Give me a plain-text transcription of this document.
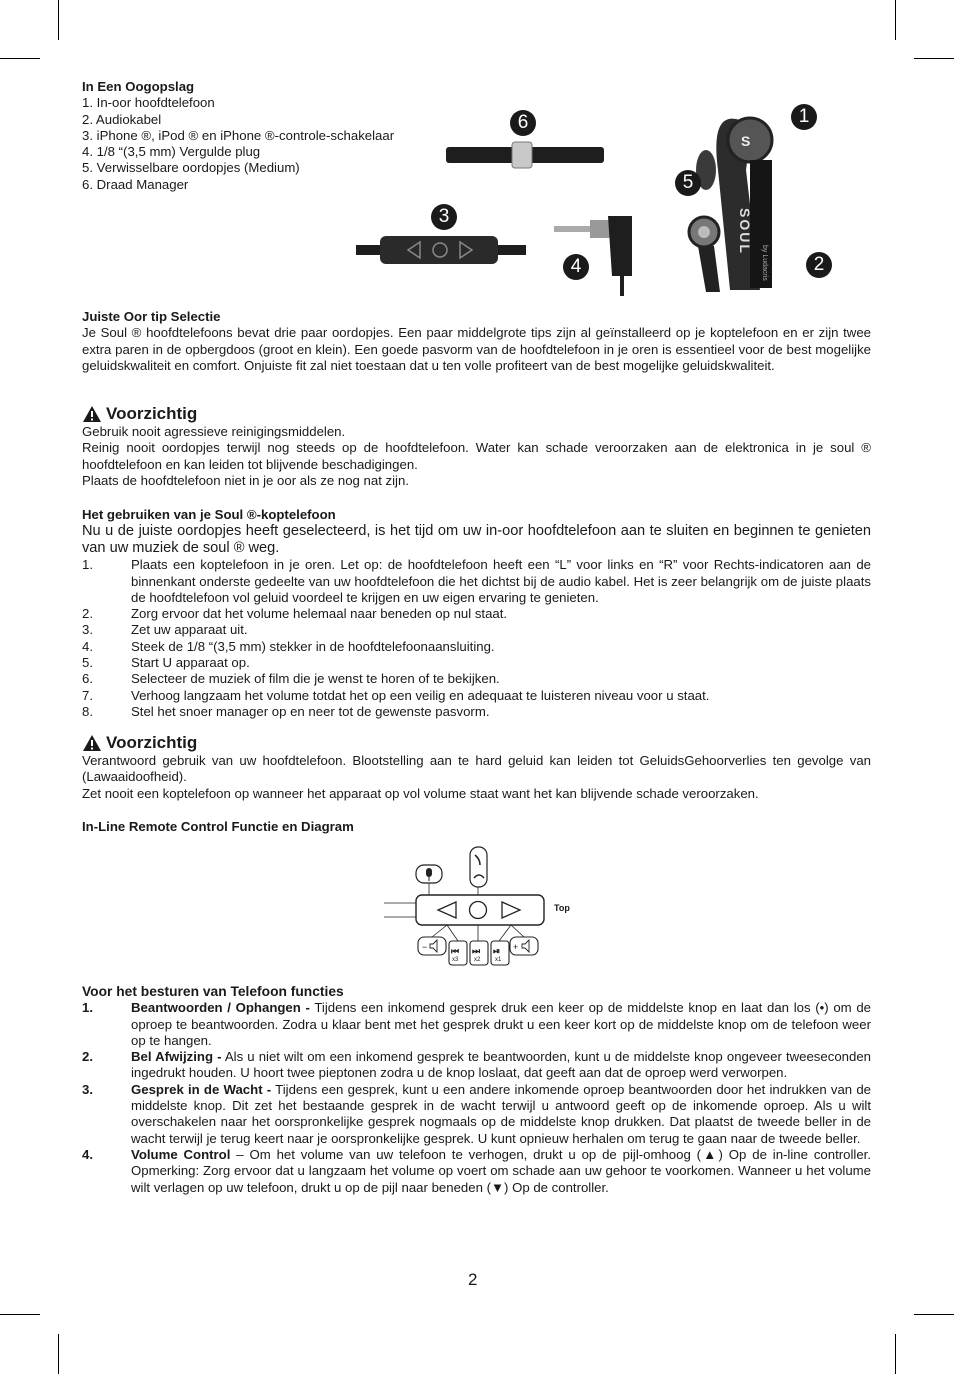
In Een Oogopslag
1. In-oor hoofdtelefoon
2. Audiokabel
3. iPhone ®, iPod ® en iPhone ®-controle-schakelaar
4. 1/8 “(3,5 mm) Vergulde plug
5. Verwisselbare oordopjes (Medium)
6. Draad Manager
S
SOUL
by Ludacris
1
2
3
4
5
6
Juiste Oor tip Selectie
Je Soul ® hoofdtelefoons bevat drie paar oordopjes. Een paar middelgrote tips zijn al geïnstalleerd op je koptelefoon en er zijn twee extra paren in de opbergdoos (groot en klein). Een goede pasvorm van de hoofdtelefoon in je oren is essentieel voor de best mogelijke geluidskwaliteit en comfort. Onjuiste fit zal niet toestaan dat u ten volle profiteert van de best mogelijke geluidskwaliteit.
Voorzichtig
Gebruik nooit agressieve reinigingsmiddelen.
Reinig nooit oordopjes terwijl nog steeds op de hoofdtelefoon. Water kan schade veroorzaken aan de elektronica in je soul ® hoofdtelefoon en kan leiden tot blijvende beschadigingen.
Plaats de hoofdtelefoon niet in je oor als ze nog nat zijn.
Het gebruiken van je Soul ®-koptelefoon
Nu u de juiste oordopjes heeft geselecteerd, is het tijd om uw in-oor hoofdtelefoon aan te sluiten en beginnen te genieten van uw muziek de soul ® weg.
1.	Plaats een koptelefoon in je oren. Let op: de hoofdtelefoon heeft een “L” voor links en “R” voor Rechts-indicatoren aan de binnenkant onderste gedeelte van uw hoofdtelefoon die het dichtst bij de audio kabel. Het is zeer belangrijk om de juiste plaats de hoofdtelefoon vol geluid voordeel te krijgen en uw eigen ervaring te genieten.
2.	Zorg ervoor dat het volume helemaal naar beneden op nul staat.
3.	Zet uw apparaat uit.
4.	Steek de 1/8 “(3,5 mm) stekker in de hoofdtelefoonaansluiting.
5.	Start U apparaat op.
6.	Selecteer de muziek of film die je wenst te horen of te bekijken.
7.	Verhoog langzaam het volume totdat het op een veilig en adequaat te luisteren niveau voor u staat.
8.	Stel het snoer manager op en neer tot de gewenste pasvorm.
Voorzichtig
Verantwoord gebruik van uw hoofdtelefoon. Blootstelling aan te hard geluid kan leiden tot GeluidsGehoorverlies ten gevolge van (Lawaaidoofheid).
Zet nooit een koptelefoon op wanneer het apparaat op vol volume staat want het kan blijvende schade veroorzaken.
In-Line Remote Control Functie en Diagram
−	⏮ ⏭ ⏯ +
Top
x3	x2 x1
Voor het besturen van Telefoon functies
1.	Beantwoorden / Ophangen - Tijdens een inkomend gesprek druk een keer op de middelste knop en laat dan los (•) om de oproep te beantwoorden. Zodra u klaar bent met het gesprek drukt u een keer kort op de middelste knop om de telefoon weer op te hangen.
2.	Bel Afwijzing - Als u niet wilt om een inkomend gesprek te beantwoorden, kunt u de middelste knop ongeveer tweeseconden ingedrukt houden. U hoort twee pieptonen zodra u de knop loslaat, dat geeft aan dat de oproep werd verworpen.
3.	Gesprek in de Wacht - Tijdens een gesprek, kunt u een andere inkomende oproep beantwoorden door het indrukken van de middelste knop. Dit zet het bestaande gesprek in de wacht terwijl u antwoord geeft op de inkomende oproep. Als u wilt overschakelen naar het oorspronkelijke gesprek nogmaals op de middelste knop drukken. Dat plaatst de tweede beller in de wacht terwijl je terug keert naar je oorspronkelijke gesprek. U kunt opnieuw herhalen om terug te gaan naar de tweede beller.
4.	Volume Control – Om het volume van uw telefoon te verhogen, drukt u op de pijl-omhoog (▲) Op de in-line controller. Opmerking: Zorg ervoor dat u langzaam het volume op voert om schade aan uw gehoor te voorkomen. Wanneer u het volume wilt verlagen op uw telefoon, drukt u op de pijl naar beneden (▼) Op de controller.
2
